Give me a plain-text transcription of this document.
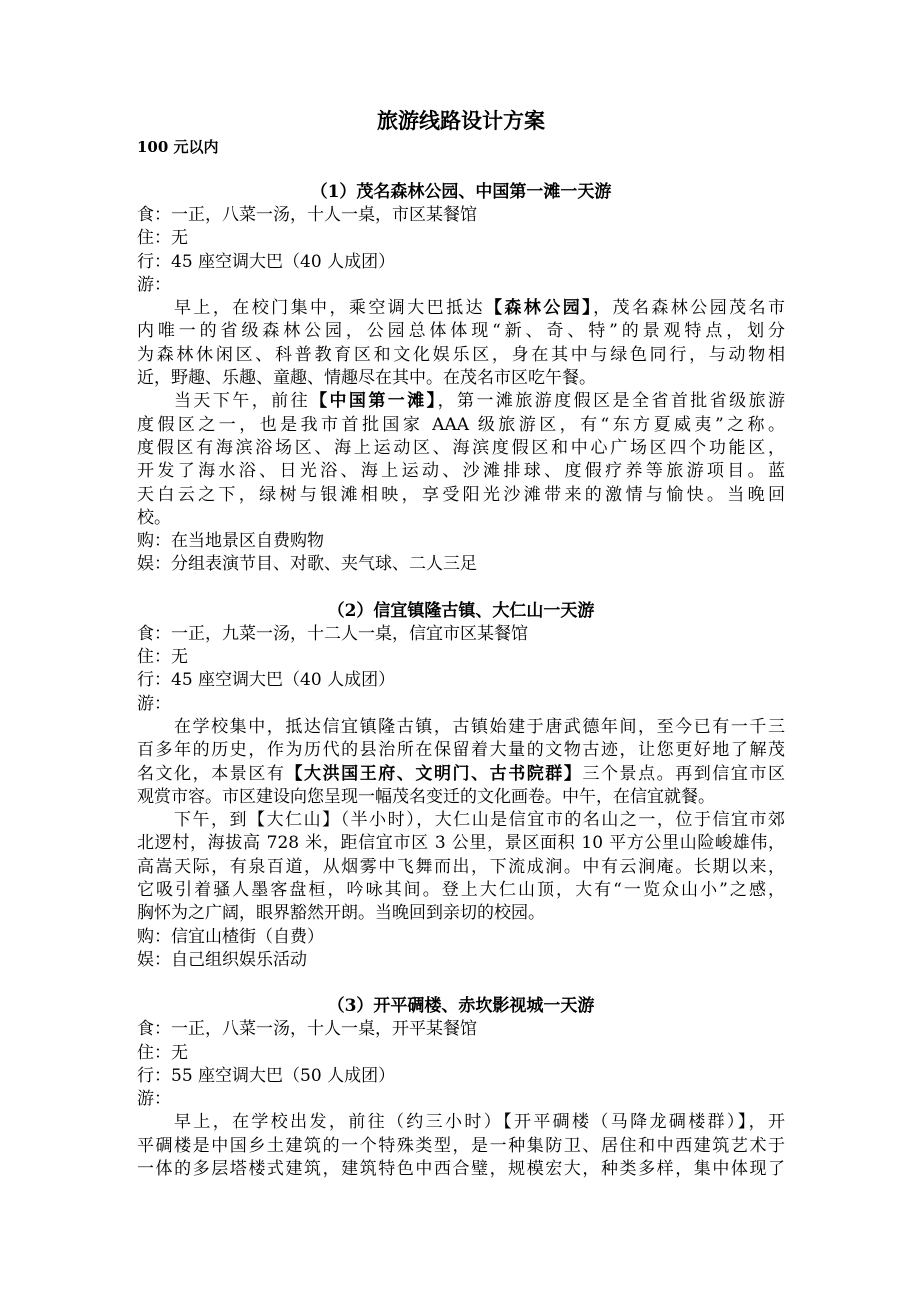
旅游线路设计方案
100 元以内
（1）茂名森林公园、中国第一滩一天游
食：一正，八菜一汤，十人一桌，市区某餐馆
住：无
行：45 座空调大巴（40 人成团）
游：
早上，在校门集中，乘空调大巴抵达【森林公园】，茂名森林公园茂名市
内唯一的省级森林公园，公园总体体现“新、奇、特”的景观特点，划分
为森林休闲区、科普教育区和文化娱乐区，身在其中与绿色同行，与动物相
近，野趣、乐趣、童趣、情趣尽在其中。在茂名市区吃午餐。
当天下午，前往【中国第一滩】，第一滩旅游度假区是全省首批省级旅游
度假区之一，也是我市首批国家 AAA 级旅游区，有“东方夏威夷”之称。
度假区有海滨浴场区、海上运动区、海滨度假区和中心广场区四个功能区，
开发了海水浴、日光浴、海上运动、沙滩排球、度假疗养等旅游项目。蓝
天白云之下，绿树与银滩相映，享受阳光沙滩带来的激情与愉快。当晚回
校。
购：在当地景区自费购物
娱：分组表演节目、对歌、夹气球、二人三足
（2）信宜镇隆古镇、大仁山一天游
食：一正，九菜一汤，十二人一桌，信宜市区某餐馆
住：无
行：45 座空调大巴（40 人成团）
游：
在学校集中，抵达信宜镇隆古镇，古镇始建于唐武德年间，至今已有一千三
百多年的历史，作为历代的县治所在保留着大量的文物古迹，让您更好地了解茂
名文化，本景区有【大洪国王府、文明门、古书院群】三个景点。再到信宜市区
观赏市容。市区建设向您呈现一幅茂名变迁的文化画卷。中午，在信宜就餐。
下午，到【大仁山】（半小时），大仁山是信宜市的名山之一，位于信宜市郊
北逻村，海拔高 728 米，距信宜市区 3 公里，景区面积 10 平方公里山险峻雄伟，
高嵩天际，有泉百道，从烟雾中飞舞而出，下流成涧。中有云涧庵。长期以来，
它吸引着骚人墨客盘桓，吟咏其间。登上大仁山顶，大有“一览众山小”之感，
胸怀为之广阔，眼界豁然开朗。当晚回到亲切的校园。
购：信宜山楂街（自费）
娱：自己组织娱乐活动
（3）开平碉楼、赤坎影视城一天游
食：一正，八菜一汤，十人一桌，开平某餐馆
住：无
行：55 座空调大巴（50 人成团）
游：
早上，在学校出发，前往（约三小时）【开平碉楼（马降龙碉楼群）】，开
平碉楼是中国乡土建筑的一个特殊类型，是一种集防卫、居住和中西建筑艺术于
一体的多层塔楼式建筑，建筑特色中西合璧，规模宏大，种类多样，集中体现了
